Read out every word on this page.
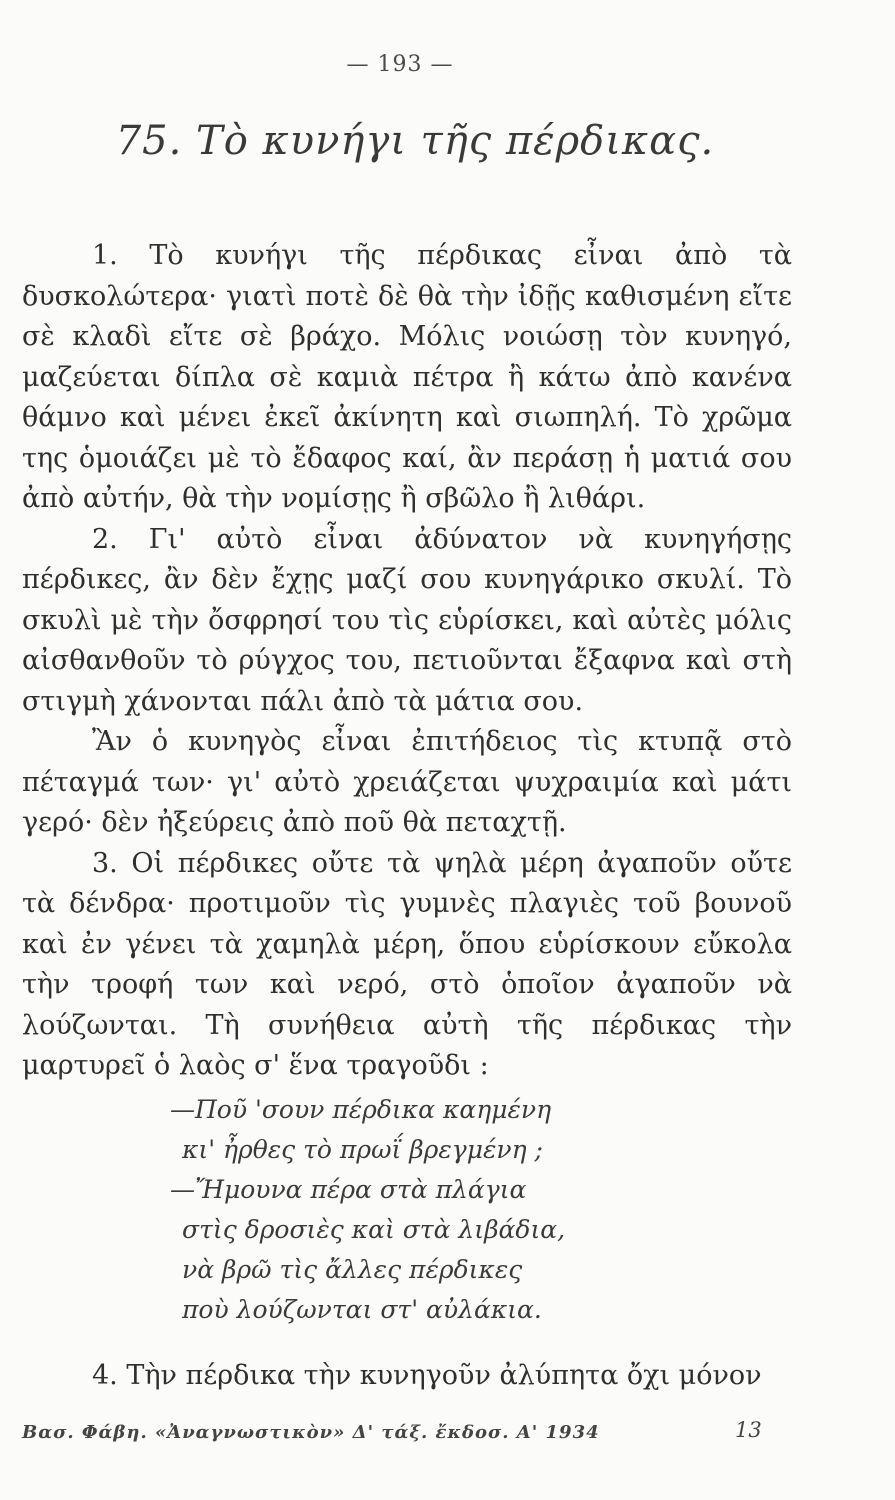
— 193 —
75. Τὸ κυνήγι τῆς πέρδικας.

1. Τὸ κυνήγι τῆς πέρδικας εἶναι ἀπὸ τὰ δυσκολώτερα· γιατὶ ποτὲ δὲ θὰ τὴν ἰδῇς καθισμένη εἴτε σὲ κλαδὶ εἴτε σὲ βράχο. Μόλις νοιώσῃ τὸν κυνηγό, μαζεύεται δίπλα σὲ καμιὰ πέτρα ἢ κάτω ἀπὸ κανένα θάμνο καὶ μένει ἐκεῖ ἀκίνητη καὶ σιωπηλή. Τὸ χρῶμα της ὁμοιάζει μὲ τὸ ἔδαφος καί, ἂν περάσῃ ἡ ματιά σου ἀπὸ αὐτήν, θὰ τὴν νομίσῃς ἢ σβῶλο ἢ λιθάρι.

2. Γι' αὐτὸ εἶναι ἀδύνατον νὰ κυνηγήσῃς πέρδικες, ἂν δὲν ἔχῃς μαζί σου κυνηγάρικο σκυλί. Τὸ σκυλὶ μὲ τὴν ὄσφρησί του τὶς εὑρίσκει, καὶ αὐτὲς μόλις αἰσθανθοῦν τὸ ρύγχος του, πετιοῦνται ἔξαφνα καὶ στὴ στιγμὴ χάνονται πάλι ἀπὸ τὰ μάτια σου.

Ἂν ὁ κυνηγὸς εἶναι ἐπιτήδειος τὶς κτυπᾷ στὸ πέταγμά των· γι' αὐτὸ χρειάζεται ψυχραιμία καὶ μάτι γερό· δὲν ἠξεύρεις ἀπὸ ποῦ θὰ πεταχτῇ.

3. Οἱ πέρδικες οὔτε τὰ ψηλὰ μέρη ἀγαποῦν οὔτε τὰ δένδρα· προτιμοῦν τὶς γυμνὲς πλαγιὲς τοῦ βουνοῦ καὶ ἐν γένει τὰ χαμηλὰ μέρη, ὅπου εὑρίσκουν εὔκολα τὴν τροφή των καὶ νερό, στὸ ὁποῖον ἀγαποῦν νὰ λούζωνται. Τὴ συνήθεια αὐτὴ τῆς πέρδικας τὴν μαρτυρεῖ ὁ λαὸς σ' ἕνα τραγοῦδι :

—Ποῦ 'σουν πέρδικα καημένη
κι' ἦρθες τὸ πρωΐ βρεγμένη ;
—Ἤμουνα πέρα στὰ πλάγια
στὶς δροσιὲς καὶ στὰ λιβάδια,
νὰ βρῶ τὶς ἄλλες πέρδικες
ποὺ λούζωνται στ' αὐλάκια.
4. Τὴν πέρδικα τὴν κυνηγοῦν ἀλύπητα ὄχι μόνον
Βασ. Φάβη. «Ἀναγνωστικὸν» Δ' τάξ. ἔκδοσ. Α' 1934	13
